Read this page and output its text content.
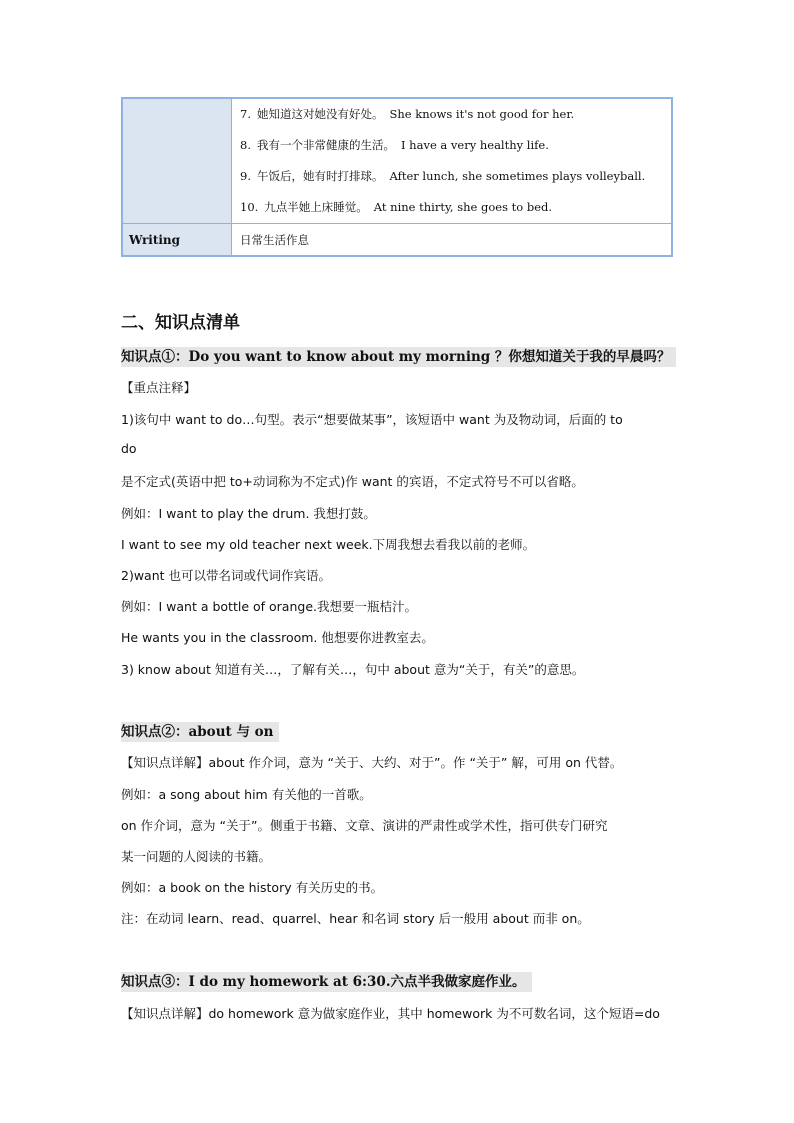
7. 她知道这对她没有好处。 She knows it's not good for her.
8. 我有一个非常健康的生活。 I have a very healthy life.
9. 午饭后，她有时打排球。 After lunch, she sometimes plays volleyball.
10. 九点半她上床睡觉。 At nine thirty, she goes to bed.
Writing	日常生活作息
二、知识点清单
知识点①：Do you want to know about my morning ？你想知道关于我的早晨吗？
【重点注释】
1)该句中 want to do…句型。表示“想要做某事”，该短语中 want 为及物动词，后面的 to
do
是不定式(英语中把 to+动词称为不定式)作 want 的宾语，不定式符号不可以省略。
例如：I want to play the drum. 我想打鼓。
I want to see my old teacher next week.下周我想去看我以前的老师。
2)want 也可以带名词或代词作宾语。
例如：I want a bottle of orange.我想要一瓶桔汁。
He wants you in the classroom. 他想要你进教室去。
3) know about 知道有关…，了解有关…，句中 about 意为“关于，有关”的意思。
知识点②：about 与 on
【知识点详解】about 作介词，意为 “关于、大约、对于”。作 “关于” 解，可用 on 代替。
例如：a song about him 有关他的一首歌。
on 作介词，意为 “关于”。侧重于书籍、文章、演讲的严肃性或学术性，指可供专门研究
某一问题的人阅读的书籍。
例如：a book on the history 有关历史的书。
注：在动词 learn、read、quarrel、hear 和名词 story 后一般用 about 而非 on。
知识点③：I do my homework at 6:30.六点半我做家庭作业。
【知识点详解】do homework 意为做家庭作业，其中 homework 为不可数名词，这个短语=do
